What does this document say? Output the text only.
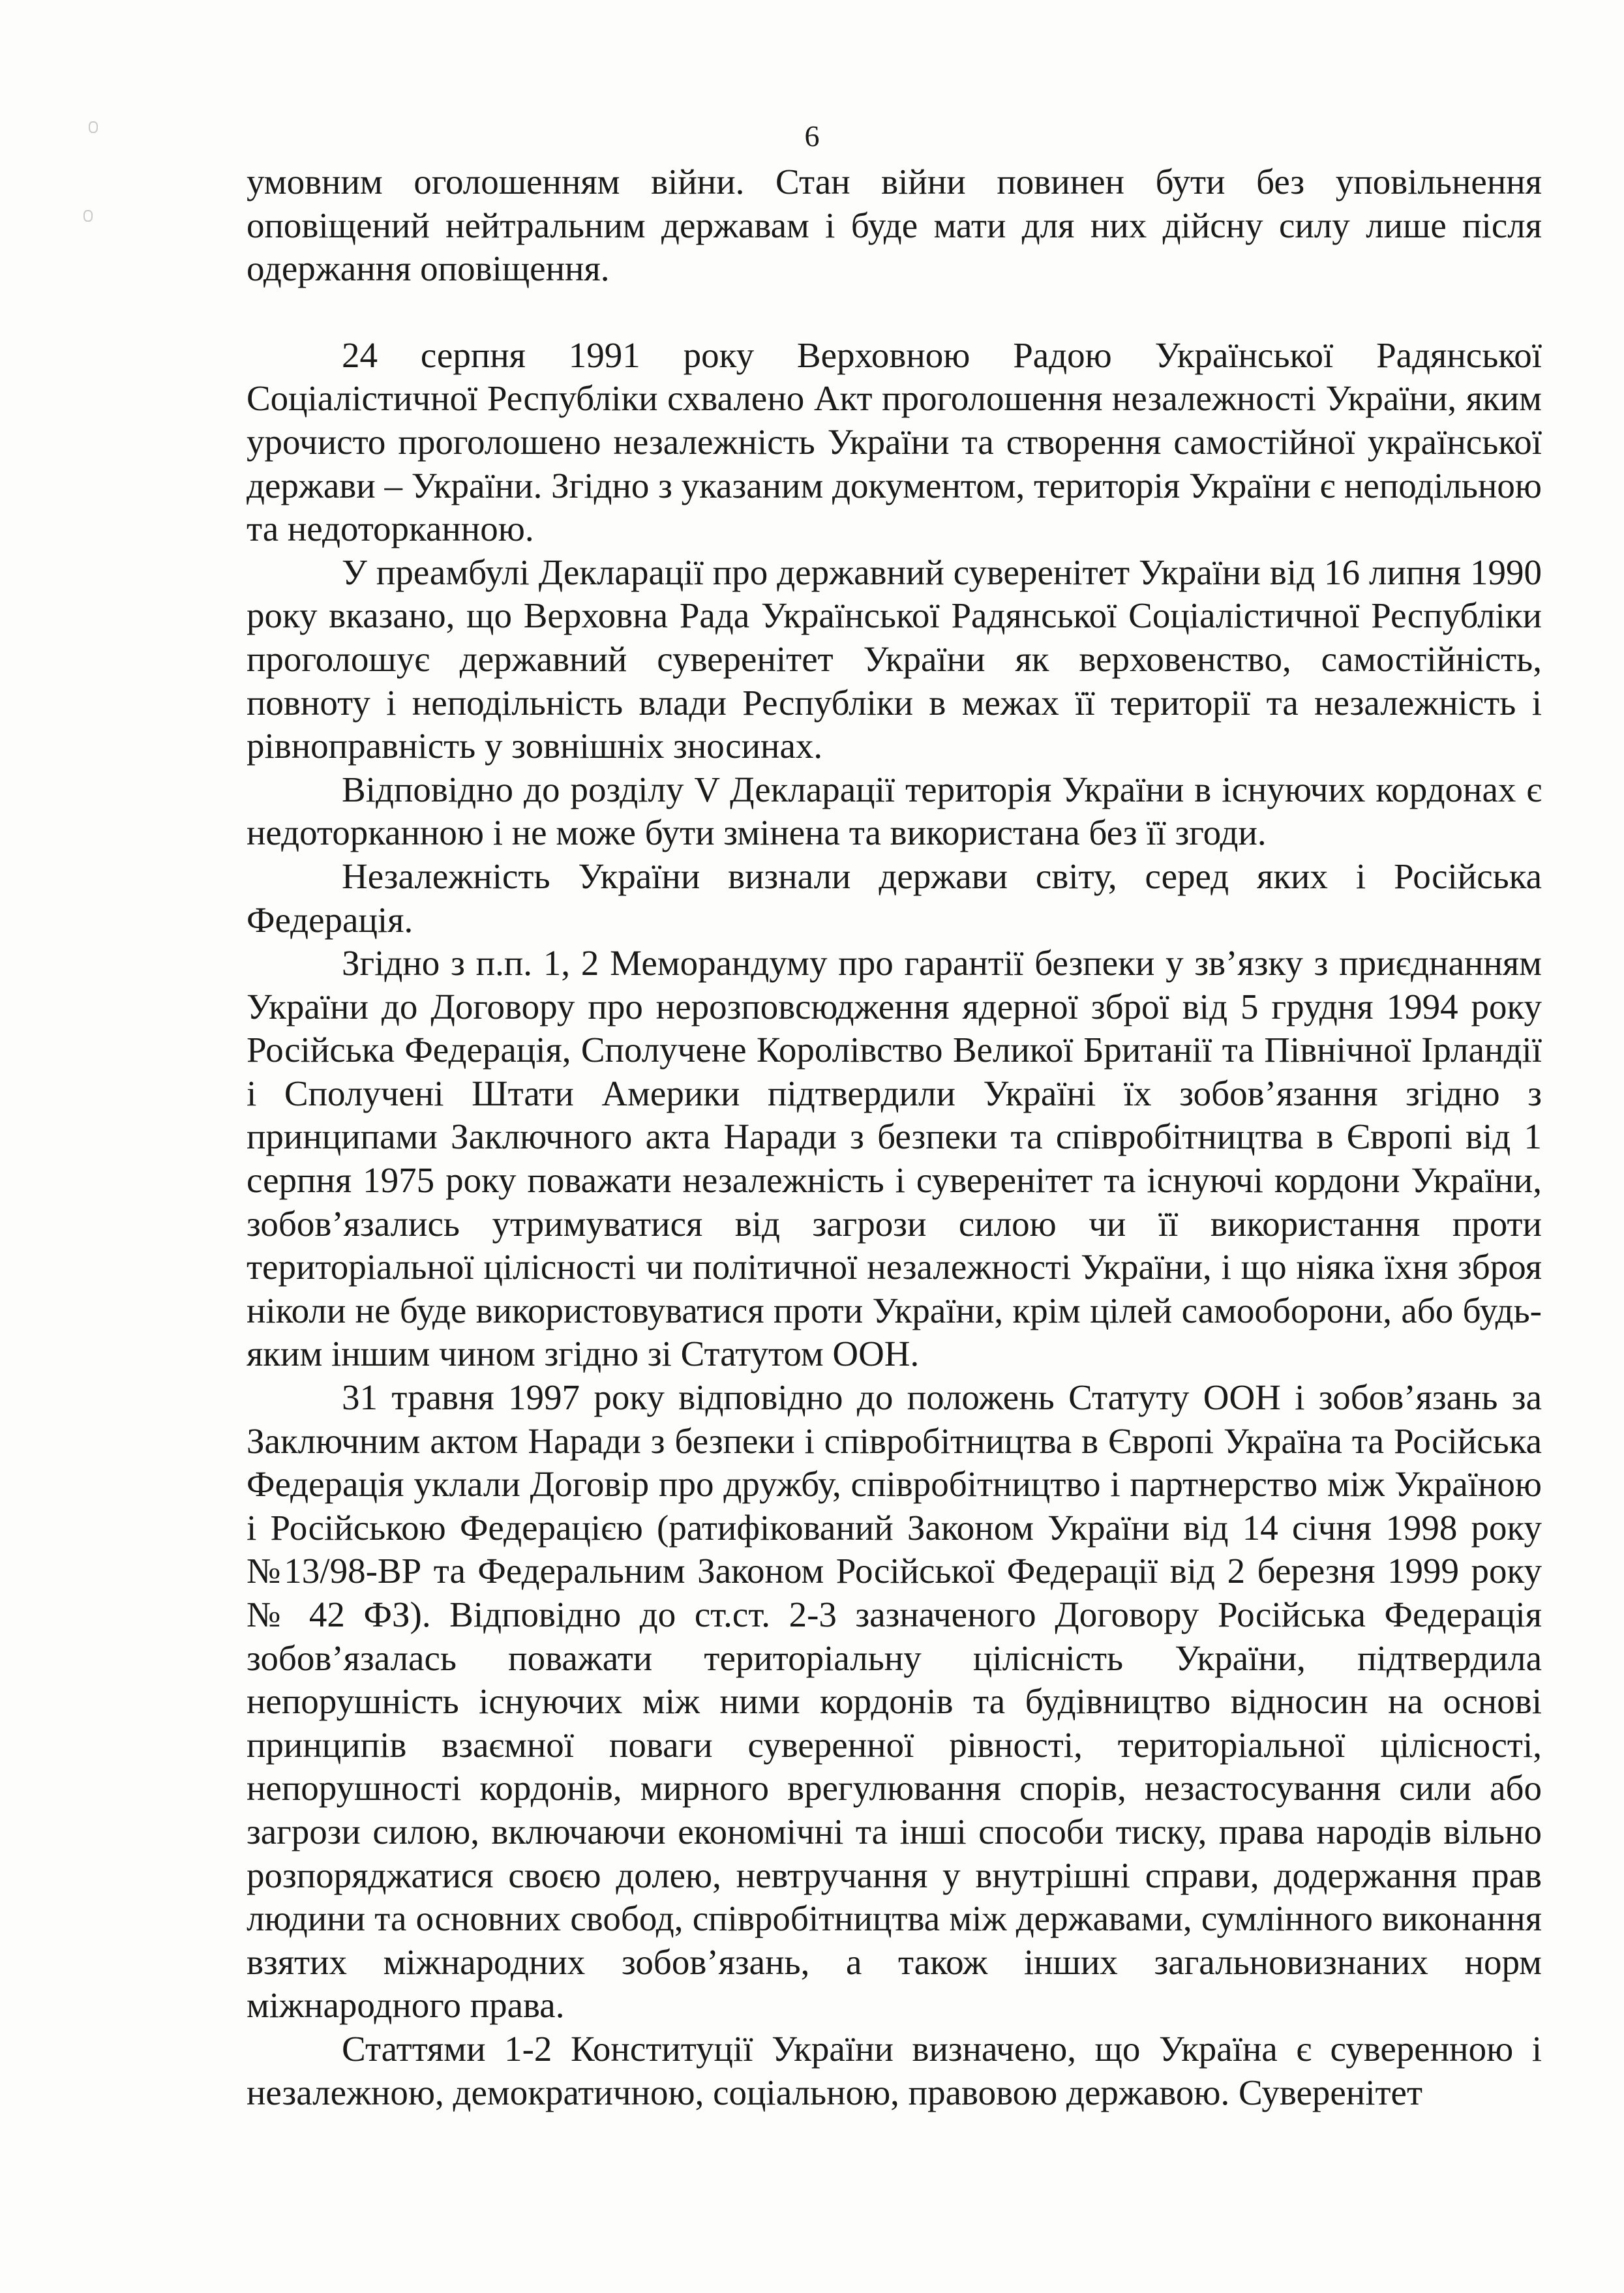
6

умовним оголошенням війни. Стан війни повинен бути без уповільнення оповіщений нейтральним державам і буде мати для них дійсну силу лише після одержання оповіщення.

24 серпня 1991 року Верховною Радою Української Радянської Соціалістичної Республіки схвалено Акт проголошення незалежності України, яким урочисто проголошено незалежність України та створення самостійної української держави – України. Згідно з указаним документом, територія України є неподільною та недоторканною.

У преамбулі Декларації про державний суверенітет України від 16 липня 1990 року вказано, що Верховна Рада Української Радянської Соціалістичної Республіки проголошує державний суверенітет України як верховенство, самостійність, повноту і неподільність влади Республіки в межах її території та незалежність і рівноправність у зовнішніх зносинах.

Відповідно до розділу V Декларації територія України в існуючих кордонах є недоторканною і не може бути змінена та використана без її згоди.

Незалежність України визнали держави світу, серед яких і Російська Федерація.

Згідно з п.п. 1, 2 Меморандуму про гарантії безпеки у зв’язку з приєднанням України до Договору про нерозповсюдження ядерної зброї від 5 грудня 1994 року Російська Федерація, Сполучене Королівство Великої Британії та Північної Ірландії і Сполучені Штати Америки підтвердили Україні їх зобов’язання згідно з принципами Заключного акта Наради з безпеки та співробітництва в Європі від 1 серпня 1975 року поважати незалежність і суверенітет та існуючі кордони України, зобов’язались утримуватися від загрози силою чи її використання проти територіальної цілісності чи політичної незалежності України, і що ніяка їхня зброя ніколи не буде використовуватися проти України, крім цілей самооборони, або будь-яким іншим чином згідно зі Статутом ООН.

31 травня 1997 року відповідно до положень Статуту ООН і зобов’язань за Заключним актом Наради з безпеки і співробітництва в Європі Україна та Російська Федерація уклали Договір про дружбу, співробітництво і партнерство між Україною і Російською Федерацією (ратифікований Законом України від 14 січня 1998 року №13/98-ВР та Федеральним Законом Російської Федерації від 2 березня 1999 року № 42 ФЗ). Відповідно до ст.ст. 2-3 зазначеного Договору Російська Федерація зобов’язалась поважати територіальну цілісність України, підтвердила непорушність існуючих між ними кордонів та будівництво відносин на основі принципів взаємної поваги суверенної рівності, територіальної цілісності, непорушності кордонів, мирного врегулювання спорів, незастосування сили або загрози силою, включаючи економічні та інші способи тиску, права народів вільно розпоряджатися своєю долею, невтручання у внутрішні справи, додержання прав людини та основних свобод, співробітництва між державами, сумлінного виконання взятих міжнародних зобов’язань, а також інших загальновизнаних норм міжнародного права.

Статтями 1-2 Конституції України визначено, що Україна є суверенною і незалежною, демократичною, соціальною, правовою державою. Суверенітет
